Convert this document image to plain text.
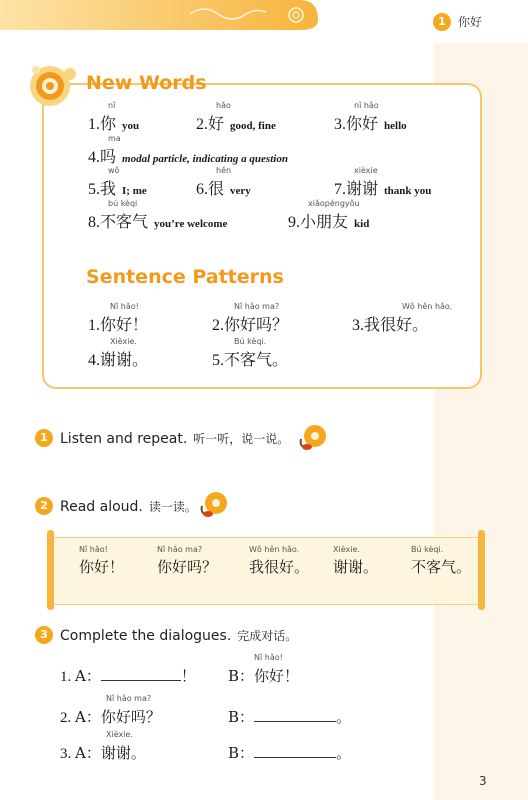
1	你好
New Words
nǐ
1.你 you
hǎo
2.好 good, fine
nǐ hǎo
3.你好 hello
ma
4.吗 modal particle, indicating a question
wǒ
5.我 I; me
hěn
6.很 very
xièxie
7.谢谢 thank you
bú kèqi
8.不客气 you’re welcome
xiǎopéngyǒu
9.小朋友 kid
Sentence Patterns
Nǐ hǎo!
1.你好！
Nǐ hǎo ma?
2.你好吗？
Wǒ hěn hǎo.
3.我很好。
Xièxie.
4.谢谢。
Bú kèqi.
5.不客气。
1 Listen and repeat. 听一听，说一说。
2 Read aloud. 读一读。
Nǐ hǎo!
你好！
Nǐ hǎo ma?
你好吗？
Wǒ hěn hǎo.
我很好。
Xièxie.
谢谢。
Bú kèqi.
不客气。
3 Complete the dialogues. 完成对话。
1. A：	！ B：你好！
Nǐ hǎo!
2. A：你好吗？
Nǐ hǎo ma?
B：	。
3. A：谢谢。
Xièxie.
B：	。
3
